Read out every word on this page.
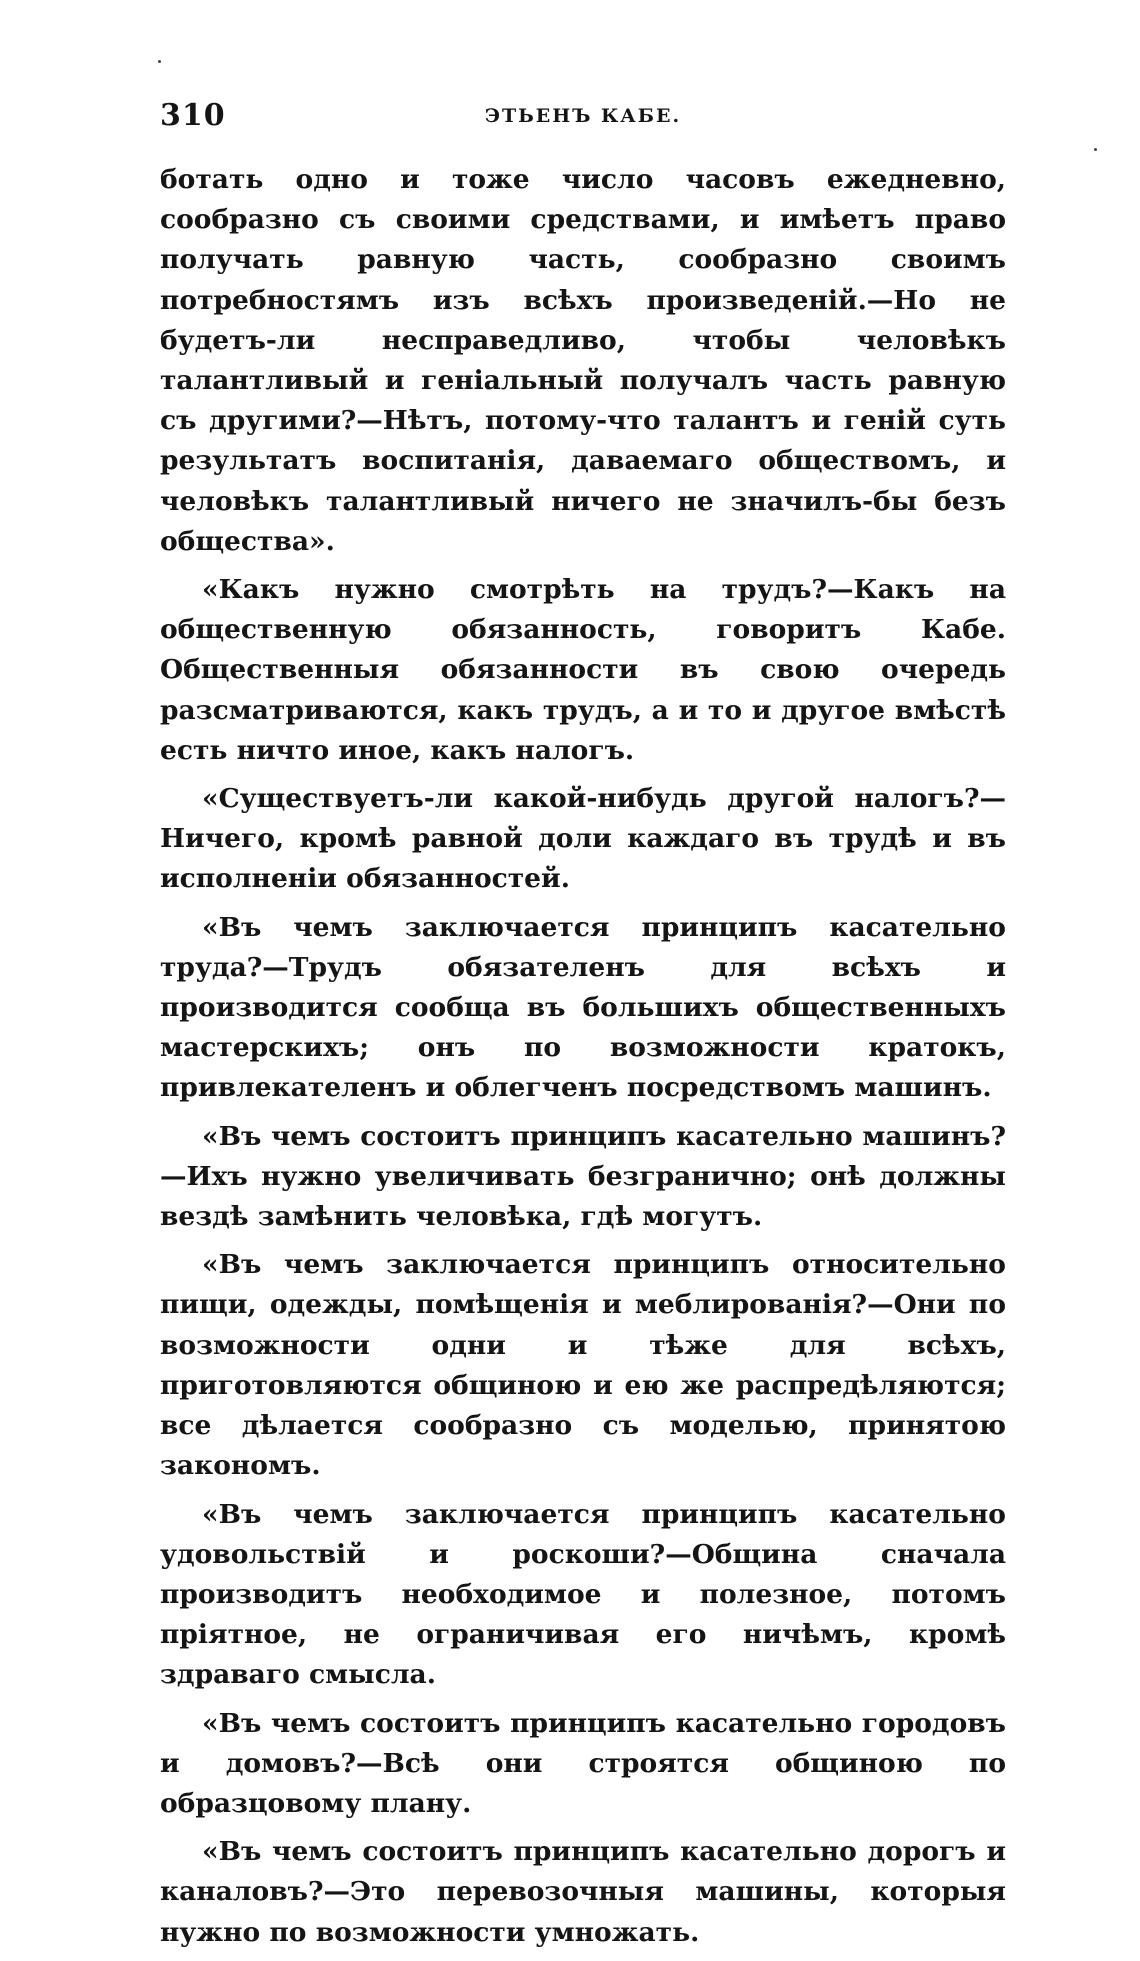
310	ЭТЬЕНЪ КАБЕ.

ботать одно и тоже число часовъ ежедневно, сообразно съ своими средствами, и имѣетъ право получать равную часть, сообразно своимъ потребностямъ изъ всѣхъ произведеній.—Но не будетъ-ли несправедливо, чтобы человѣкъ талантливый и геніальный получалъ часть равную съ другими?—Нѣтъ, потому-что талантъ и геній суть результатъ воспитанія, даваемаго обществомъ, и человѣкъ талантливый ничего не значилъ-бы безъ общества».

«Какъ нужно смотрѣть на трудъ?—Какъ на общественную обязанность, говоритъ Кабе. Общественныя обязанности въ свою очередь разсматриваются, какъ трудъ, а и то и другое вмѣстѣ есть ничто иное, какъ налогъ.

«Существуетъ-ли какой-нибудь другой налогъ?—Ничего, кромѣ равной доли каждаго въ трудѣ и въ исполненіи обязанностей.

«Въ чемъ заключается принципъ касательно труда?—Трудъ обязателенъ для всѣхъ и производится сообща въ большихъ общественныхъ мастерскихъ; онъ по возможности кратокъ, привлекателенъ и облегченъ посредствомъ машинъ.

«Въ чемъ состоитъ принципъ касательно машинъ?—Ихъ нужно увеличивать безгранично; онѣ должны вездѣ замѣнить человѣка, гдѣ могутъ.

«Въ чемъ заключается принципъ относительно пищи, одежды, помѣщенія и меблированія?—Они по возможности одни и тѣже для всѣхъ, приготовляются общиною и ею же распредѣляются; все дѣлается сообразно съ моделью, принятою закономъ.

«Въ чемъ заключается принципъ касательно удовольствій и роскоши?—Община сначала производитъ необходимое и полезное, потомъ пріятное, не ограничивая его ничѣмъ, кромѣ здраваго смысла.

«Въ чемъ состоитъ принципъ касательно городовъ и домовъ?—Всѣ они строятся общиною по образцовому плану.

«Въ чемъ состоитъ принципъ касательно дорогъ и каналовъ?—Это перевозочныя машины, которыя нужно по возможности умножать.
